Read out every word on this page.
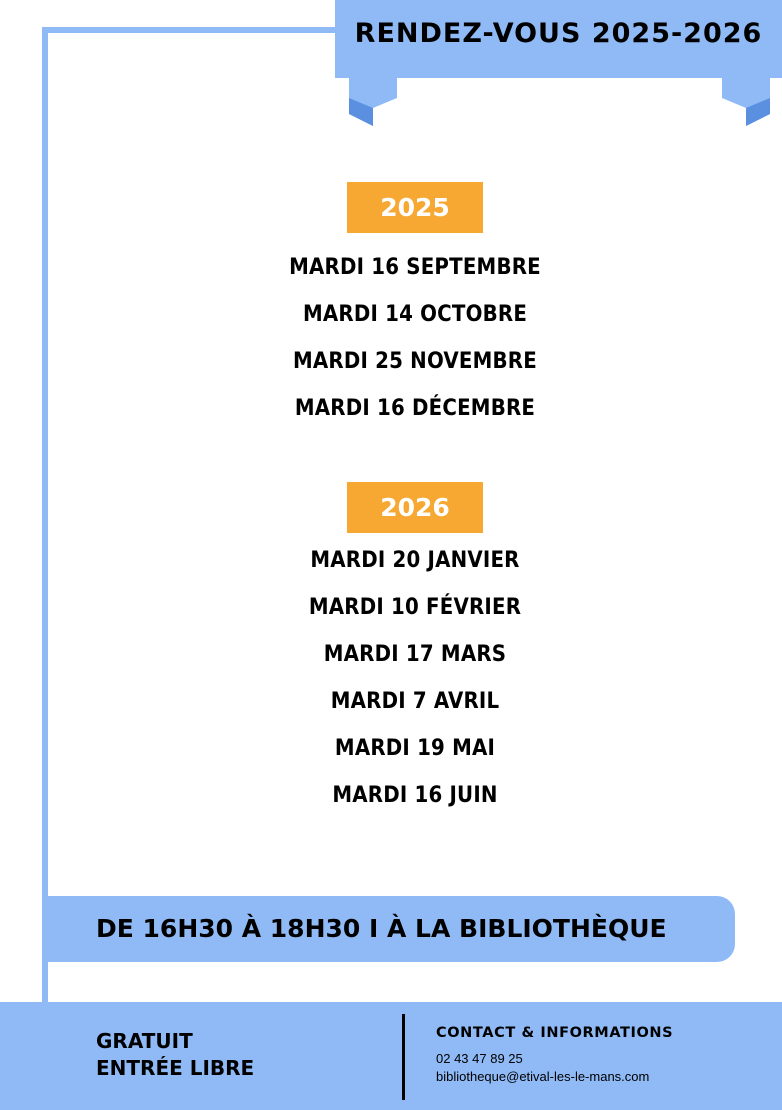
RENDEZ-VOUS 2025-2026
2025
MARDI 16 SEPTEMBRE
MARDI 14 OCTOBRE
MARDI 25 NOVEMBRE
MARDI 16 DÉCEMBRE
2026
MARDI 20 JANVIER
MARDI 10 FÉVRIER
MARDI 17 MARS
MARDI 7 AVRIL
MARDI 19 MAI
MARDI 16 JUIN
DE 16H30 À 18H30 I À LA BIBLIOTHÈQUE
GRATUIT
ENTRÉE LIBRE
CONTACT & INFORMATIONS
02 43 47 89 25
bibliotheque@etival-les-le-mans.com
